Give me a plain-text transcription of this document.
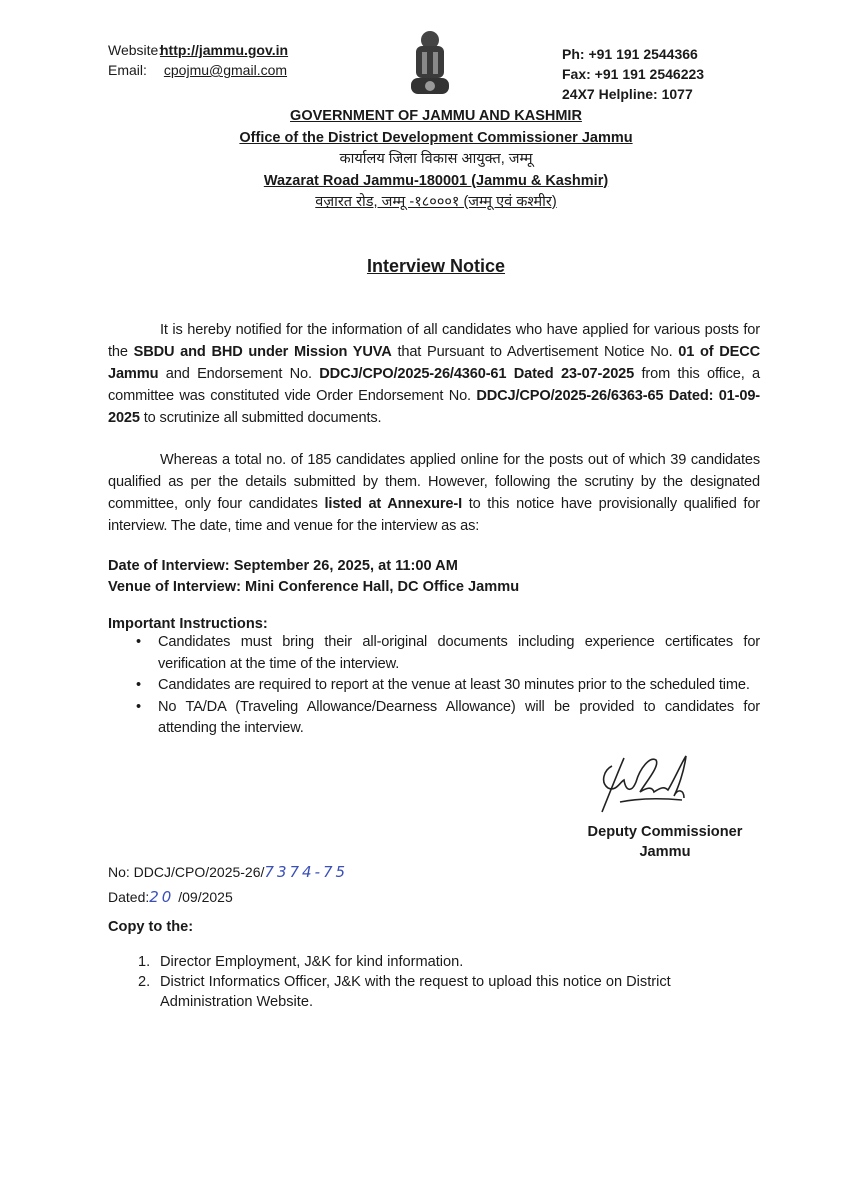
Website:http://jammu.gov.in
Email: cpojmu@gmail.com
Ph: +91 191 2544366
Fax: +91 191 2546223
24X7 Helpline: 1077
GOVERNMENT OF JAMMU AND KASHMIR
Office of the District Development Commissioner Jammu
कार्यालय जिला विकास आयुक्त, जम्मू
Wazarat Road Jammu-180001 (Jammu & Kashmir)
वज़ारत रोड, जम्मू -१८०००१ (जम्मू एवं कश्मीर)
Interview Notice
It is hereby notified for the information of all candidates who have applied for various posts for the SBDU and BHD under Mission YUVA that Pursuant to Advertisement Notice No. 01 of DECC Jammu and Endorsement No. DDCJ/CPO/2025-26/4360-61 Dated 23-07-2025 from this office, a committee was constituted vide Order Endorsement No. DDCJ/CPO/2025-26/6363-65 Dated: 01-09-2025 to scrutinize all submitted documents.
Whereas a total no. of 185 candidates applied online for the posts out of which 39 candidates qualified as per the details submitted by them. However, following the scrutiny by the designated committee, only four candidates listed at Annexure-I to this notice have provisionally qualified for interview. The date, time and venue for the interview as as:
Date of Interview: September 26, 2025, at 11:00 AM
Venue of Interview: Mini Conference Hall, DC Office Jammu
Important Instructions:
• Candidates must bring their all-original documents including experience certificates for verification at the time of the interview.
• Candidates are required to report at the venue at least 30 minutes prior to the scheduled time.
• No TA/DA (Traveling Allowance/Dearness Allowance) will be provided to candidates for attending the interview.
Deputy Commissioner
Jammu
No: DDCJ/CPO/2025-26/7374-75
Dated:20 /09/2025
Copy to the:
1. Director Employment, J&K for kind information.
2. District Informatics Officer, J&K with the request to upload this notice on District Administration Website.
